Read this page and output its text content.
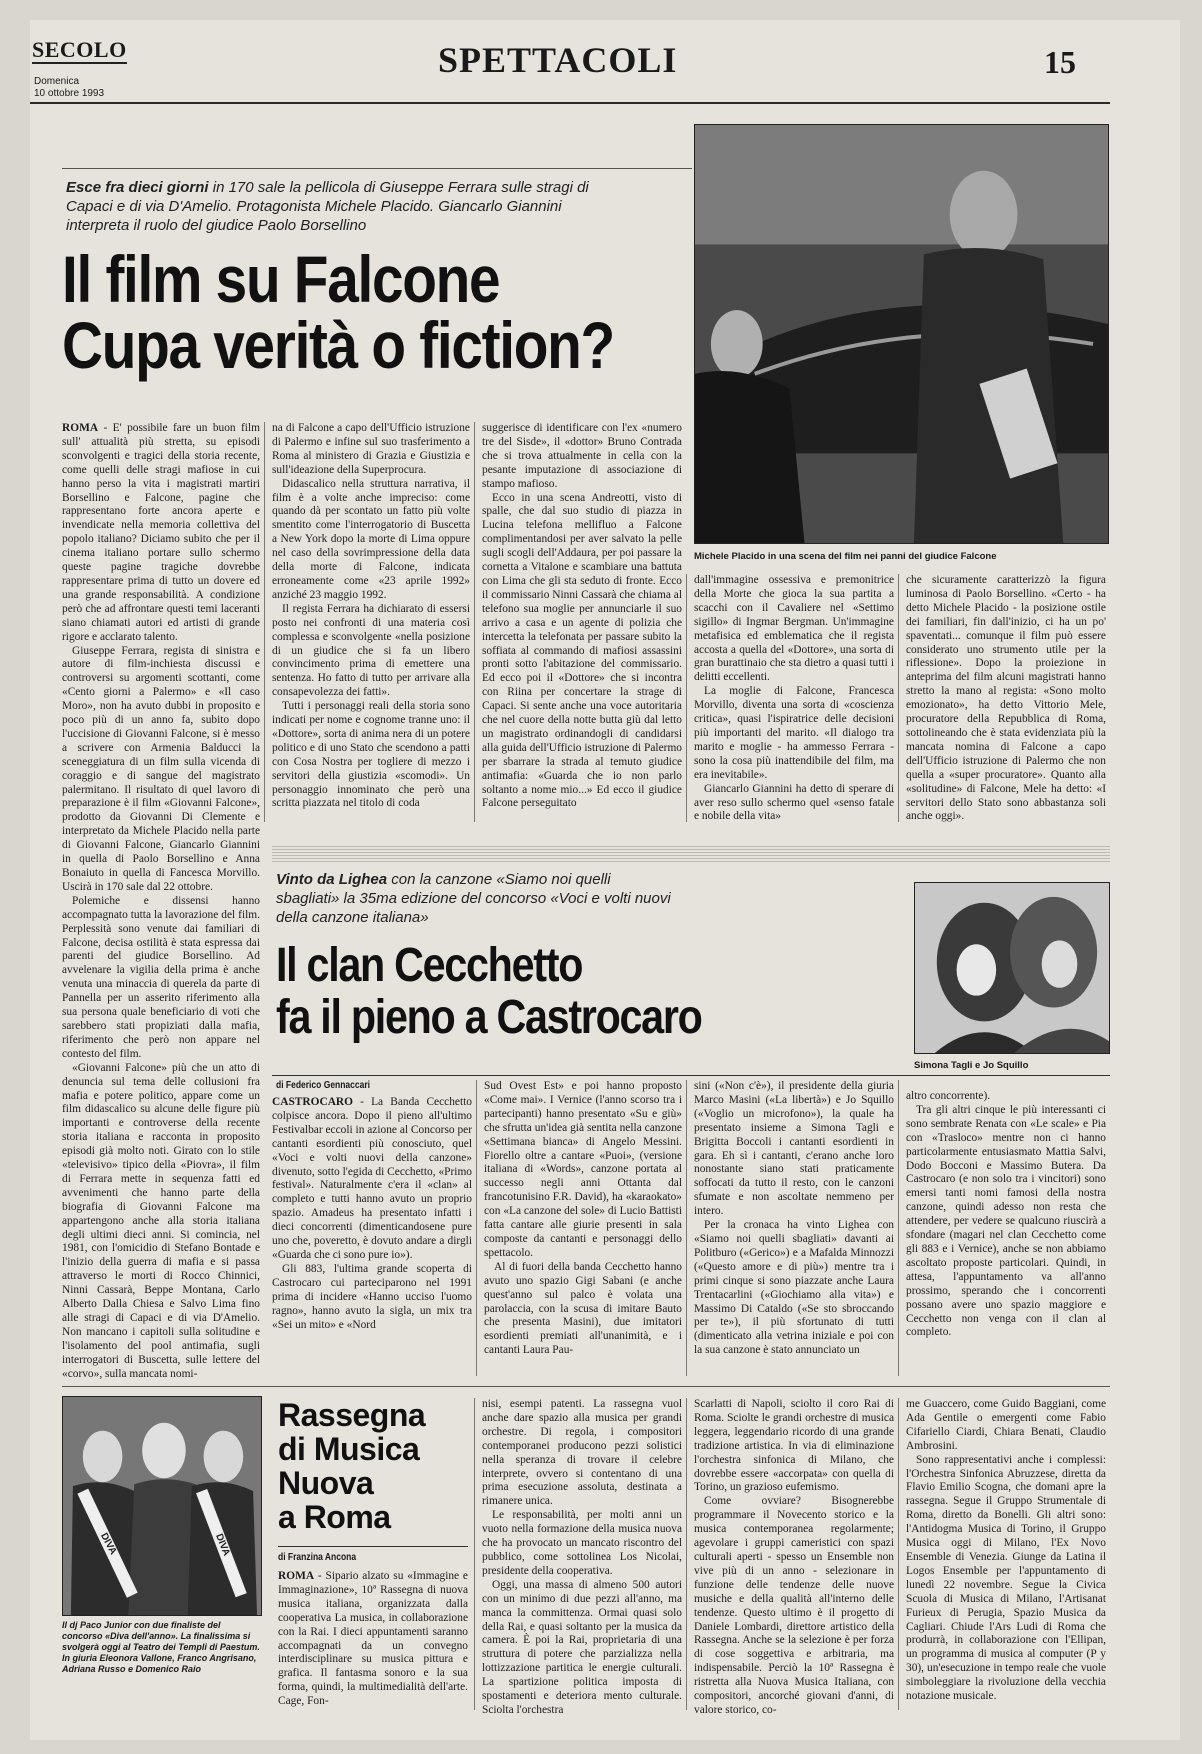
SECOLO
Domenica
10 ottobre 1993
SPETTACOLI	15
Esce fra dieci giorni in 170 sale la pellicola di Giuseppe Ferrara sulle stragi di Capaci e di via D'Amelio. Protagonista Michele Placido. Giancarlo Giannini interpreta il ruolo del giudice Paolo Borsellino
Il film su Falcone
Cupa verità o fiction?
Michele Placido in una scena del film nei panni del giudice Falcone

ROMA - E' possibile fare un buon film sull' attualità più stretta, su episodi sconvolgenti e tragici della storia recente, come quelli delle stragi mafiose in cui hanno perso la vita i magistrati martiri Borsellino e Falcone, pagine che rappresentano forte ancora aperte e invendicate nella memoria collettiva del popolo italiano? Diciamo subito che per il cinema italiano portare sullo schermo queste pagine tragiche dovrebbe rappresentare prima di tutto un dovere ed una grande responsabilità. A condizione però che ad affrontare questi temi laceranti siano chiamati autori ed artisti di grande rigore e acclarato talento.

Giuseppe Ferrara, regista di sinistra e autore di film-inchiesta discussi e controversi su argomenti scottanti, come «Cento giorni a Palermo» e «Il caso Moro», non ha avuto dubbi in proposito e poco più di un anno fa, subito dopo l'uccisione di Giovanni Falcone, si è messo a scrivere con Armenia Balducci la sceneggiatura di un film sulla vicenda di coraggio e di sangue del magistrato palermitano. Il risultato di quel lavoro di preparazione è il film «Giovanni Falcone», prodotto da Giovanni Di Clemente e interpretato da Michele Placido nella parte di Giovanni Falcone, Giancarlo Giannini in quella di Paolo Borsellino e Anna Bonaiuto in quella di Fancesca Morvillo. Uscirà in 170 sale dal 22 ottobre.

Polemiche e dissensi hanno accompagnato tutta la lavorazione del film. Perplessità sono venute dai familiari di Falcone, decisa ostilità è stata espressa dai parenti del giudice Borsellino. Ad avvelenare la vigilia della prima è anche venuta una minaccia di querela da parte di Pannella per un asserito riferimento alla sua persona quale beneficiario di voti che sarebbero stati propiziati dalla mafia, riferimento che però non appare nel contesto del film.

«Giovanni Falcone» più che un atto di denuncia sul tema delle collusioni fra mafia e potere politico, appare come un film didascalico su alcune delle figure più importanti e controverse della recente storia italiana e racconta in proposito episodi già molto noti. Girato con lo stile «televisivo» tipico della «Piovra», il film di Ferrara mette in sequenza fatti ed avvenimenti che hanno parte della biografia di Giovanni Falcone ma appartengono anche alla storia italiana degli ultimi dieci anni. Si comincia, nel 1981, con l'omicidio di Stefano Bontade e l'inizio della guerra di mafia e si passa attraverso le morti di Rocco Chinnici, Ninni Cassarà, Beppe Montana, Carlo Alberto Dalla Chiesa e Salvo Lima fino alle stragi di Capaci e di via D'Amelio. Non mancano i capitoli sulla solitudine e l'isolamento del pool antimafia, sugli interrogatori di Buscetta, sulle lettere del «corvo», sulla mancata nomi-

na di Falcone a capo dell'Ufficio istruzione di Palermo e infine sul suo trasferimento a Roma al ministero di Grazia e Giustizia e sull'ideazione della Superprocura.

Didascalico nella struttura narrativa, il film è a volte anche impreciso: come quando dà per scontato un fatto più volte smentito come l'interrogatorio di Buscetta a New York dopo la morte di Lima oppure nel caso della sovrimpressione della data della morte di Falcone, indicata erroneamente come «23 aprile 1992» anziché 23 maggio 1992.

Il regista Ferrara ha dichiarato di essersi posto nei confronti di una materia così complessa e sconvolgente «nella posizione di un giudice che si fa un libero convincimento prima di emettere una sentenza. Ho fatto di tutto per arrivare alla consapevolezza dei fatti».

Tutti i personaggi reali della storia sono indicati per nome e cognome tranne uno: il «Dottore», sorta di anima nera di un potere politico e di uno Stato che scendono a patti con Cosa Nostra per togliere di mezzo i servitori della giustizia «scomodi». Un personaggio innominato che però una scritta piazzata nel titolo di coda

suggerisce di identificare con l'ex «numero tre del Sisde», il «dottor» Bruno Contrada che si trova attualmente in cella con la pesante imputazione di associazione di stampo mafioso.

Ecco in una scena Andreotti, visto di spalle, che dal suo studio di piazza in Lucina telefona mellifluo a Falcone complimentandosi per aver salvato la pelle sugli scogli dell'Addaura, per poi passare la cornetta a Vitalone e scambiare una battuta con Lima che gli sta seduto di fronte. Ecco il commissario Ninni Cassarà che chiama al telefono sua moglie per annunciarle il suo arrivo a casa e un agente di polizia che intercetta la telefonata per passare subito la soffiata al commando di mafiosi assassini pronti sotto l'abitazione del commissario. Ed ecco poi il «Dottore» che si incontra con Riina per concertare la strage di Capaci. Si sente anche una voce autoritaria che nel cuore della notte butta giù dal letto un magistrato ordinandogli di candidarsi alla guida dell'Ufficio istruzione di Palermo per sbarrare la strada al temuto giudice antimafia: «Guarda che io non parlo soltanto a nome mio...» Ed ecco il giudice Falcone perseguitato

dall'immagine ossessiva e premonitrice della Morte che gioca la sua partita a scacchi con il Cavaliere nel «Settimo sigillo» di Ingmar Bergman. Un'immagine metafisica ed emblematica che il regista accosta a quella del «Dottore», una sorta di gran burattinaio che sta dietro a quasi tutti i delitti eccellenti.

La moglie di Falcone, Francesca Morvillo, diventa una sorta di «coscienza critica», quasi l'ispiratrice delle decisioni più importanti del marito. «Il dialogo tra marito e moglie - ha ammesso Ferrara - sono la cosa più inattendibile del film, ma era inevitabile».

Giancarlo Giannini ha detto di sperare di aver reso sullo schermo quel «senso fatale e nobile della vita»

che sicuramente caratterizzò la figura luminosa di Paolo Borsellino. «Certo - ha detto Michele Placido - la posizione ostile dei familiari, fin dall'inizio, ci ha un po' spaventati... comunque il film può essere considerato uno strumento utile per la riflessione». Dopo la proiezione in anteprima del film alcuni magistrati hanno stretto la mano al regista: «Sono molto emozionato», ha detto Vittorio Mele, procuratore della Repubblica di Roma, sottolineando che è stata evidenziata più la mancata nomina di Falcone a capo dell'Ufficio istruzione di Palermo che non quella a «super procuratore». Quanto alla «solitudine» di Falcone, Mele ha detto: «I servitori dello Stato sono abbastanza soli anche oggi».

Vinto da Lighea con la canzone «Siamo noi quelli sbagliati» la 35ma edizione del concorso «Voci e volti nuovi della canzone italiana»
Il clan Cecchetto
fa il pieno a Castrocaro
Simona Tagli e Jo Squillo
di Federico Gennaccari

CASTROCARO - La Banda Cecchetto colpisce ancora. Dopo il pieno all'ultimo Festivalbar eccoli in azione al Concorso per cantanti esordienti più conosciuto, quel «Voci e volti nuovi della canzone» divenuto, sotto l'egida di Cecchetto, «Primo festival». Naturalmente c'era il «clan» al completo e tutti hanno avuto un proprio spazio. Amadeus ha presentato infatti i dieci concorrenti (dimenticandosene pure uno che, poveretto, è dovuto andare a dirgli «Guarda che ci sono pure io»).

Gli 883, l'ultima grande scoperta di Castrocaro cui parteciparono nel 1991 prima di incidere «Hanno ucciso l'uomo ragno», hanno avuto la sigla, un mix tra «Sei un mito» e «Nord

Sud Ovest Est» e poi hanno proposto «Come mai». I Vernice (l'anno scorso tra i partecipanti) hanno presentato «Su e giù» che sfrutta un'idea già sentita nella canzone «Settimana bianca» di Angelo Messini. Fiorello oltre a cantare «Puoi», (versione italiana di «Words», canzone portata al successo negli anni Ottanta dal francotunisino F.R. David), ha «karaokato» con «La canzone del sole» di Lucio Battisti fatta cantare alle giurie presenti in sala composte da cantanti e personaggi dello spettacolo.

Al di fuori della banda Cecchetto hanno avuto uno spazio Gigi Sabani (e anche quest'anno sul palco è volata una parolaccia, con la scusa di imitare Bauto che presenta Masini), due imitatori esordienti premiati all'unanimità, e i cantanti Laura Pau-

sini («Non c'è»), il presidente della giuria Marco Masini («La libertà») e Jo Squillo («Voglio un microfono»), la quale ha presentato insieme a Simona Tagli e Brigitta Boccoli i cantanti esordienti in gara. Eh sì i cantanti, c'erano anche loro nonostante siano stati praticamente soffocati da tutto il resto, con le canzoni sfumate e non ascoltate nemmeno per intero.

Per la cronaca ha vinto Lighea con «Siamo noi quelli sbagliati» davanti ai Politburo («Gerico») e a Mafalda Minnozzi («Questo amore e di più») mentre tra i primi cinque si sono piazzate anche Laura Trentacarlini («Giochiamo alla vita») e Massimo Di Cataldo («Se sto sbroccando per te»), il più sfortunato di tutti (dimenticato alla vetrina iniziale e poi con la sua canzone è stato annunciato un

altro concorrente).

Tra gli altri cinque le più interessanti ci sono sembrate Renata con «Le scale» e Pia con «Trasloco» mentre non ci hanno particolarmente entusiasmato Mattia Salvi, Dodo Bocconi e Massimo Butera. Da Castrocaro (e non solo tra i vincitori) sono emersi tanti nomi famosi della nostra canzone, quindi adesso non resta che attendere, per vedere se qualcuno riuscirà a sfondare (magari nel clan Cecchetto come gli 883 e i Vernice), anche se non abbiamo ascoltato proposte particolari. Quindi, in attesa, l'appuntamento va all'anno prossimo, sperando che i concorrenti possano avere uno spazio maggiore e Cecchetto non venga con il clan al completo.

DIVA	DIVA
Il dj Paco Junior con due finaliste del concorso «Diva dell'anno». La finalissima si svolgerà oggi al Teatro dei Templi di Paestum. In giuria Eleonora Vallone, Franco Angrisano, Adriana Russo e Domenico Raio
Rassegna
di Musica
Nuova
a Roma
di Franzina Ancona

ROMA - Sipario alzato su «Immagine e Immaginazione», 10ª Rassegna di nuova musica italiana, organizzata dalla cooperativa La musica, in collaborazione con la Rai. I dieci appuntamenti saranno accompagnati da un convegno interdisciplinare su musica pittura e grafica. Il fantasma sonoro e la sua forma, quindi, la multimedialità dell'arte. Cage, Fon-

nisi, esempi patenti. La rassegna vuol anche dare spazio alla musica per grandi orchestre. Di regola, i compositori contemporanei producono pezzi solistici nella speranza di trovare il celebre interprete, ovvero si contentano di una prima esecuzione assoluta, destinata a rimanere unica.

Le responsabilità, per molti anni un vuoto nella formazione della musica nuova che ha provocato un mancato riscontro del pubblico, come sottolinea Los Nicolai, presidente della cooperativa.

Oggi, una massa di almeno 500 autori con un minimo di due pezzi all'anno, ma manca la committenza. Ormai quasi solo della Rai, e quasi soltanto per la musica da camera. È poi la Rai, proprietaria di una struttura di potere che parzializza nella lottizzazione partitica le energie culturali. La spartizione politica imposta di spostamenti e deteriora mento culturale. Sciolta l'orchestra

Scarlatti di Napoli, sciolto il coro Rai di Roma. Sciolte le grandi orchestre di musica leggera, leggendario ricordo di una grande tradizione artistica. In via di eliminazione l'orchestra sinfonica di Milano, che dovrebbe essere «accorpata» con quella di Torino, un grazioso eufemismo.

Come ovviare? Bisognerebbe programmare il Novecento storico e la musica contemporanea regolarmente; agevolare i gruppi cameristici con spazi culturali aperti - spesso un Ensemble non vive più di un anno - selezionare in funzione delle tendenze delle nuove musiche e della qualità all'interno delle tendenze. Questo ultimo è il progetto di Daniele Lombardi, direttore artistico della Rassegna. Anche se la selezione è per forza di cose soggettiva e arbitraria, ma indispensabile. Perciò la 10ª Rassegna è ristretta alla Nuova Musica Italiana, con compositori, ancorché giovani d'anni, di valore storico, co-

me Guaccero, come Guido Baggiani, come Ada Gentile o emergenti come Fabio Cifariello Ciardi, Chiara Benati, Claudio Ambrosini.

Sono rappresentativi anche i complessi: l'Orchestra Sinfonica Abruzzese, diretta da Flavio Emilio Scogna, che domani apre la rassegna. Segue il Gruppo Strumentale di Roma, diretto da Bonelli. Gli altri sono: l'Antidogma Musica di Torino, il Gruppo Musica oggi di Milano, l'Ex Novo Ensemble di Venezia. Giunge da Latina il Logos Ensemble per l'appuntamento di lunedì 22 novembre. Segue la Civica Scuola di Musica di Milano, l'Artisanat Furieux di Perugia, Spazio Musica da Cagliari. Chiude l'Ars Ludi di Roma che produrrà, in collaborazione con l'Ellipan, un programma di musica al computer (P y 30), un'esecuzione in tempo reale che vuole simboleggiare la rivoluzione della vecchia notazione musicale.
